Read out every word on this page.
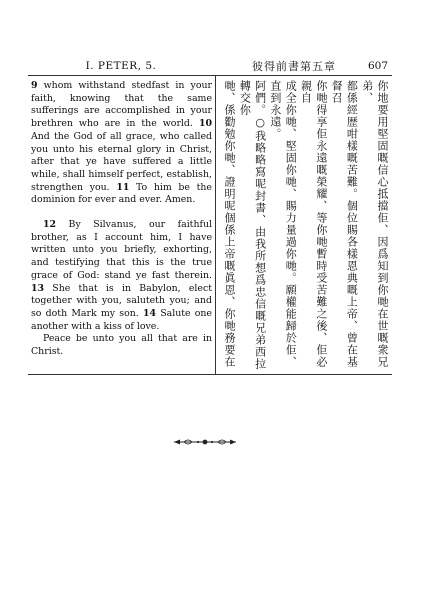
I. PETER, 5.	彼得前書第五章	607

9 whom withstand stedfast in your faith, knowing that the same sufferings are accomplished in your brethren who are in the world. 10 And the God of all grace, who called you unto his eternal glory in Christ, after that ye have suffered a little while, shall himself perfect, establish, strengthen you. 11 To him be the dominion for ever and ever. Amen.

12 By Silvanus, our faithful brother, as I account him, I have written unto you briefly, exhorting, and testifying that this is the true grace of God: stand ye fast therein. 13 She that is in Babylon, elect together with you, saluteth you; and so doth Mark my son. 14 Salute one another with a kiss of love.

Peace be unto you all that are in Christ.	你地要用堅固嘅信心抵擋佢、因爲知到你哋在世嘅衆兄弟、
都係經歴咁樣嘅苦難。個位賜各樣恩典嘅上帝、曾在基督召
你哋得享佢永遠嘅榮耀、等你哋暫時受苦難之後、佢必親自
成全你哋、堅固你哋、賜力量過你哋。願權能歸於佢、直到永遠。
阿們。○我略略寫呢封書、由我所想爲忠信嘅兄弟西拉轉交你
哋、係勸勉你哋、證明呢個係上帝嘅眞恩、你哋務要在
